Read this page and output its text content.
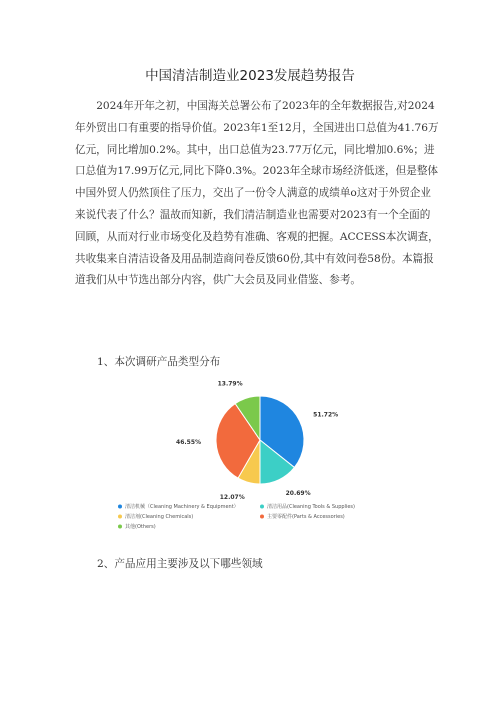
中国清洁制造业2023发展趋势报告

2024年开年之初，中国海关总署公布了2023年的全年数据报告,对2024年外贸出口有重要的指导价值。2023年1至12月，全国进出口总值为41.76万亿元，同比增加0.2%。其中，出口总值为23.77万亿元，同比增加0.6%；进口总值为17.99万亿元,同比下降0.3%。2023年全球市场经济低迷，但是整体中国外贸人仍然顶住了压力，交出了一份令人满意的成绩单o这对于外贸企业来说代表了什么？温故而知新，我们清洁制造业也需要对2023有一个全面的回顾，从而对行业市场变化及趋势有准确、客观的把握。ACCESS本次调查，共收集来自清洁设备及用品制造商问卷反馈60份,其中有效问卷58份。本篇报道我们从中节选出部分内容，供广大会员及同业借鉴、参考。

1、本次调研产品类型分布
51.72%
20.69%
12.07%
46.55%
13.79%
清洁机械（Cleaning Machinery & Equipment）	清洁用品(Cleaning Tools & Supplies)
清洁剂(Cleaning Chemicals)	主要零配件(Parts & Accessories)
其他(Others)
2、产品应用主要涉及以下哪些领域
